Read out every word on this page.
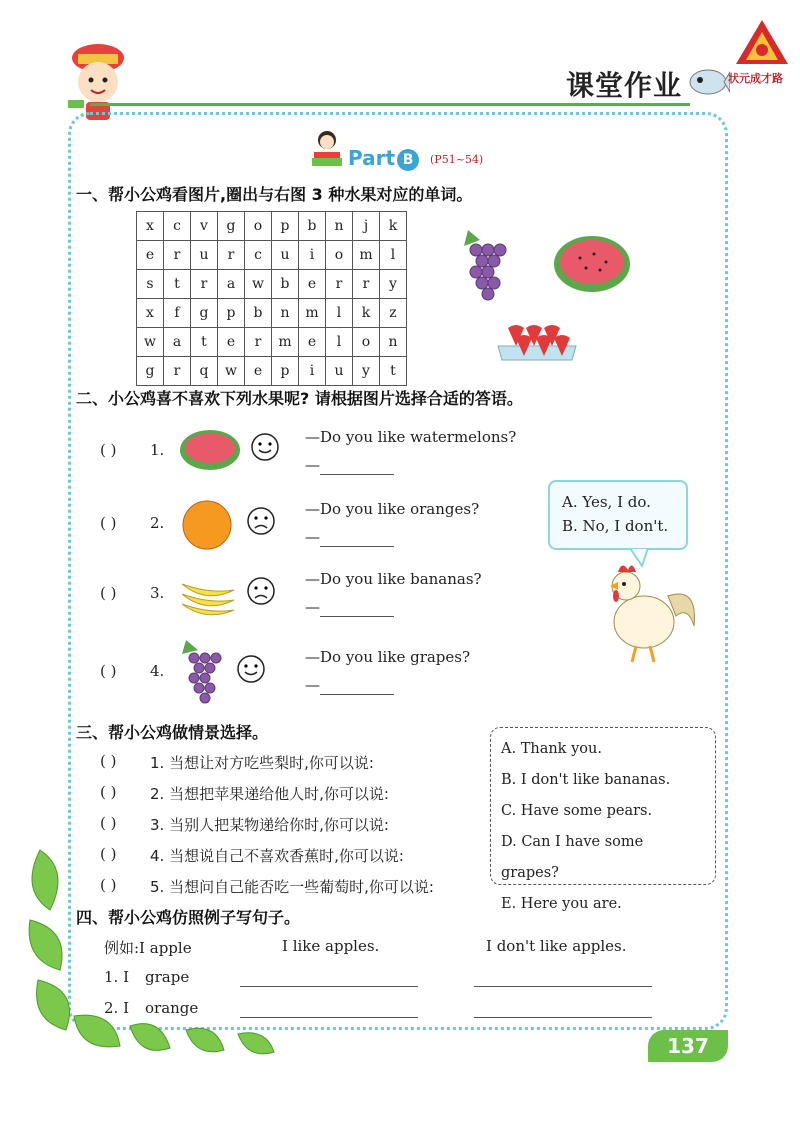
课堂作业	状元成才路
Part B	(P51~54)
一、帮小公鸡看图片,圈出与右图 3 种水果对应的单词。
x	c	v	g	o	p	b	n	j	k
e	r	u	r	c	u	i	o	m	l
s	t	r	a	w	b	e	r	r	y
x	f	g	p	b	n	m	l	k	z
w	a	t	e	r	m	e	l	o	n
g	r	q	w	e	p	i	u	y	t
二、小公鸡喜不喜欢下列水果呢? 请根据图片选择合适的答语。
( ) 1.
—Do you like watermelons?
—
( ) 2.
—Do you like oranges?
—
( ) 3.
—Do you like bananas?
—
( ) 4.
—Do you like grapes?
—
A. Yes, I do.
B. No, I don't.
三、帮小公鸡做情景选择。
( ) 1. 当想让对方吃些梨时,你可以说:
( ) 2. 当想把苹果递给他人时,你可以说:
( ) 3. 当别人把某物递给你时,你可以说:
( ) 4. 当想说自己不喜欢香蕉时,你可以说:
( ) 5. 当想问自己能否吃一些葡萄时,你可以说:
A. Thank you.
B. I don't like bananas.
C. Have some pears.
D. Can I have some grapes?
E. Here you are.
四、帮小公鸡仿照例子写句子。
例如:I apple	I like apples.	I don't like apples.
1. I grape
2. I orange
137
